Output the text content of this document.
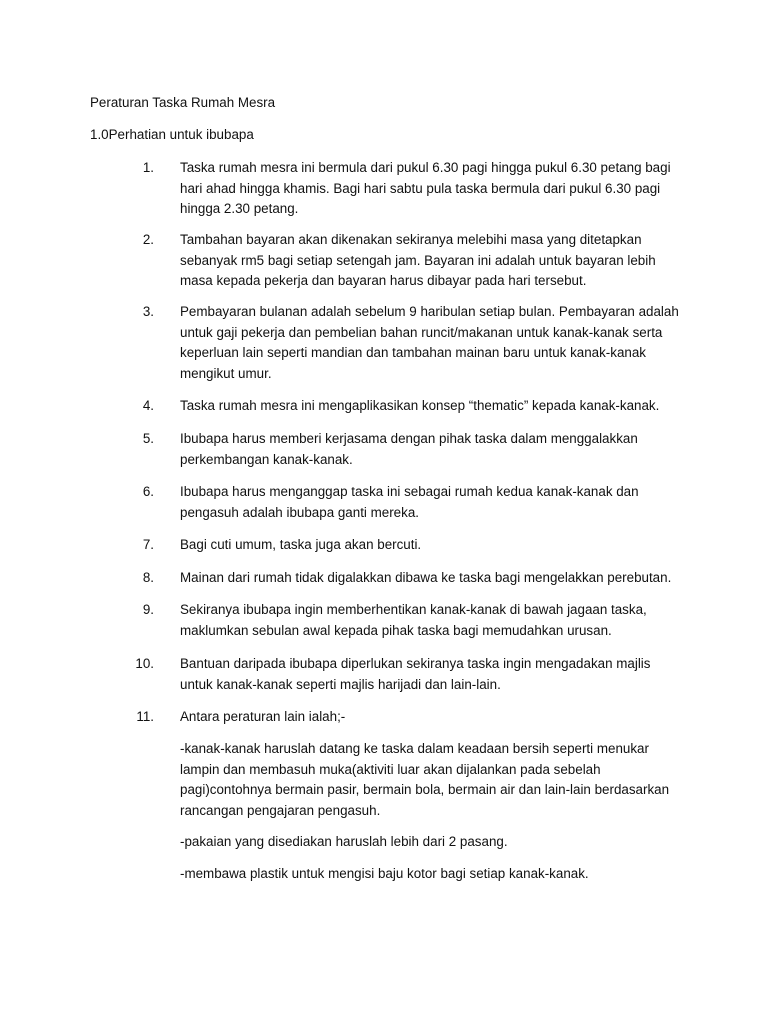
Peraturan Taska Rumah Mesra
1.0Perhatian untuk ibubapa
1. Taska rumah mesra ini bermula dari pukul 6.30 pagi hingga pukul 6.30 petang bagi hari ahad hingga khamis. Bagi hari sabtu pula taska bermula dari pukul 6.30 pagi hingga 2.30 petang.
2. Tambahan bayaran akan dikenakan sekiranya melebihi masa yang ditetapkan sebanyak rm5 bagi setiap setengah jam. Bayaran ini adalah untuk bayaran lebih masa kepada pekerja dan bayaran harus dibayar pada hari tersebut.
3. Pembayaran bulanan adalah sebelum 9 haribulan setiap bulan. Pembayaran adalah untuk gaji pekerja dan pembelian bahan runcit/makanan untuk kanak-kanak serta keperluan lain seperti mandian dan tambahan mainan baru untuk kanak-kanak mengikut umur.
4. Taska rumah mesra ini mengaplikasikan konsep “thematic” kepada kanak-kanak.
5. Ibubapa harus memberi kerjasama dengan pihak taska dalam menggalakkan perkembangan kanak-kanak.
6. Ibubapa harus menganggap taska ini sebagai rumah kedua kanak-kanak dan pengasuh adalah ibubapa ganti mereka.
7. Bagi cuti umum, taska juga akan bercuti.
8. Mainan dari rumah tidak digalakkan dibawa ke taska bagi mengelakkan perebutan.
9. Sekiranya ibubapa ingin memberhentikan kanak-kanak di bawah jagaan taska, maklumkan sebulan awal kepada pihak taska bagi memudahkan urusan.
10. Bantuan daripada ibubapa diperlukan sekiranya taska ingin mengadakan majlis untuk kanak-kanak seperti majlis harijadi dan lain-lain.
11. Antara peraturan lain ialah;-
-kanak-kanak haruslah datang ke taska dalam keadaan bersih seperti menukar lampin dan membasuh muka(aktiviti luar akan dijalankan pada sebelah pagi)contohnya bermain pasir, bermain bola, bermain air dan lain-lain berdasarkan rancangan pengajaran pengasuh.
-pakaian yang disediakan haruslah lebih dari 2 pasang.
-membawa plastik untuk mengisi baju kotor bagi setiap kanak-kanak.
